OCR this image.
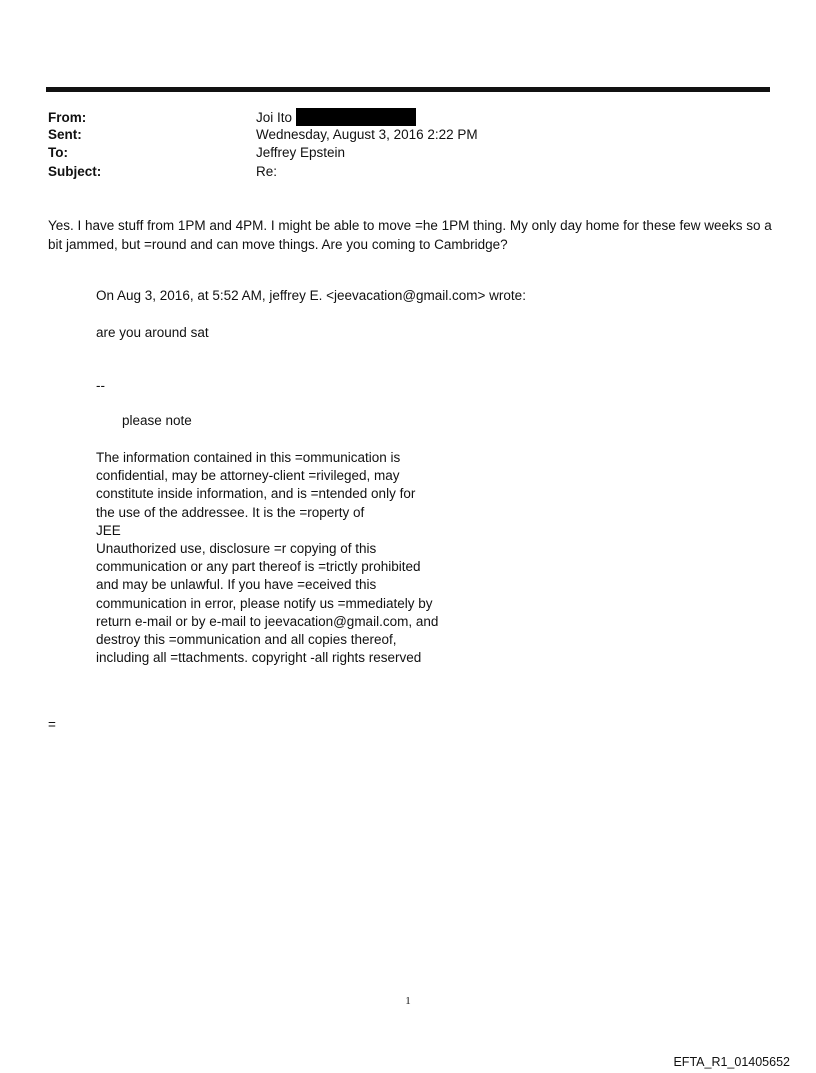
From:	Joi Ito
Sent:	Wednesday, August 3, 2016 2:22 PM
To:	Jeffrey Epstein
Subject:	Re:
Yes. I have stuff from 1PM and 4PM. I might be able to move =he 1PM thing. My only day home for these few weeks so a
bit jammed, but =round and can move things. Are you coming to Cambridge?
On Aug 3, 2016, at 5:52 AM, jeffrey E. <jeevacation@gmail.com> wrote:
are you around sat
--
please note
The information contained in this =ommunication is
confidential, may be attorney-client =rivileged, may
constitute inside information, and is =ntended only for
the use of the addressee. It is the =roperty of
JEE
Unauthorized use, disclosure =r copying of this
communication or any part thereof is =trictly prohibited
and may be unlawful. If you have =eceived this
communication in error, please notify us =mmediately by
return e-mail or by e-mail to jeevacation@gmail.com, and
destroy this =ommunication and all copies thereof,
including all =ttachments. copyright -all rights reserved
=
1
EFTA_R1_01405652
